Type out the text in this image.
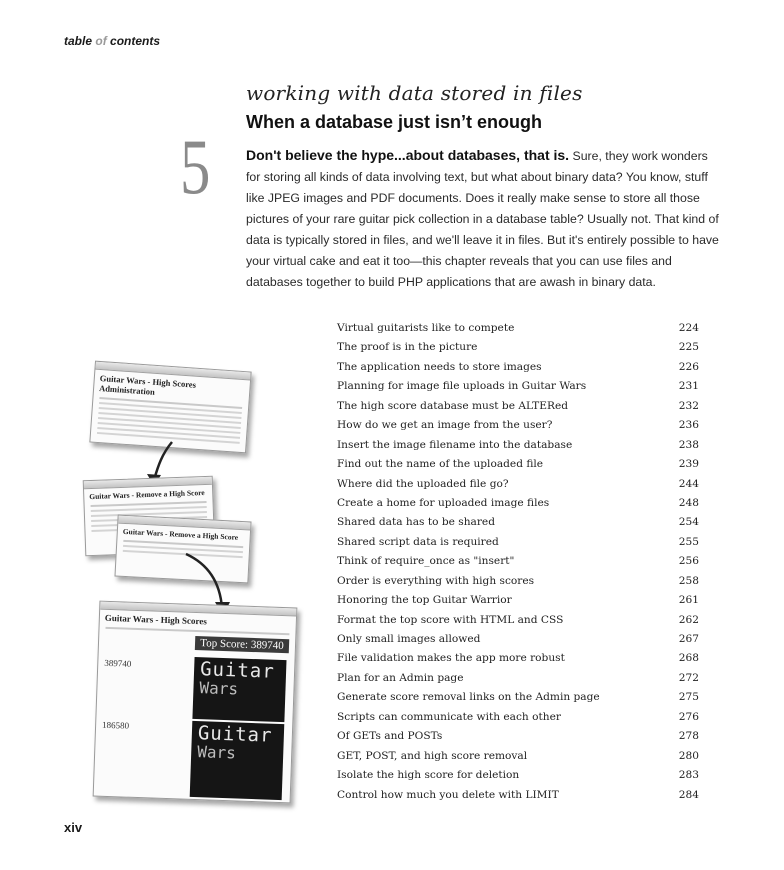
table of contents
5
working with data stored in files
When a database just isn’t enough
Don't believe the hype...about databases, that is. Sure, they work wonders for storing all kinds of data involving text, but what about binary data? You know, stuff like JPEG images and PDF documents. Does it really make sense to store all those pictures of your rare guitar pick collection in a database table? Usually not. That kind of data is typically stored in files, and we'll leave it in files. But it's entirely possible to have your virtual cake and eat it too—this chapter reveals that you can use files and databases together to build PHP applications that are awash in binary data.
Guitar Wars - High Scores Administration
Guitar Wars - Remove a High Score
Guitar Wars - Remove a High Score
Guitar Wars - High Scores
Top Score: 389740
389740
186580
Guitar
Wars
Guitar
Wars
Virtual guitarists like to compete	224
The proof is in the picture	225
The application needs to store images	226
Planning for image file uploads in Guitar Wars	231
The high score database must be ALTERed	232
How do we get an image from the user?	236
Insert the image filename into the database	238
Find out the name of the uploaded file	239
Where did the uploaded file go?	244
Create a home for uploaded image files	248
Shared data has to be shared	254
Shared script data is required	255
Think of require_once as "insert"	256
Order is everything with high scores	258
Honoring the top Guitar Warrior	261
Format the top score with HTML and CSS	262
Only small images allowed	267
File validation makes the app more robust	268
Plan for an Admin page	272
Generate score removal links on the Admin page	275
Scripts can communicate with each other	276
Of GETs and POSTs	278
GET, POST, and high score removal	280
Isolate the high score for deletion	283
Control how much you delete with LIMIT	284
xiv
